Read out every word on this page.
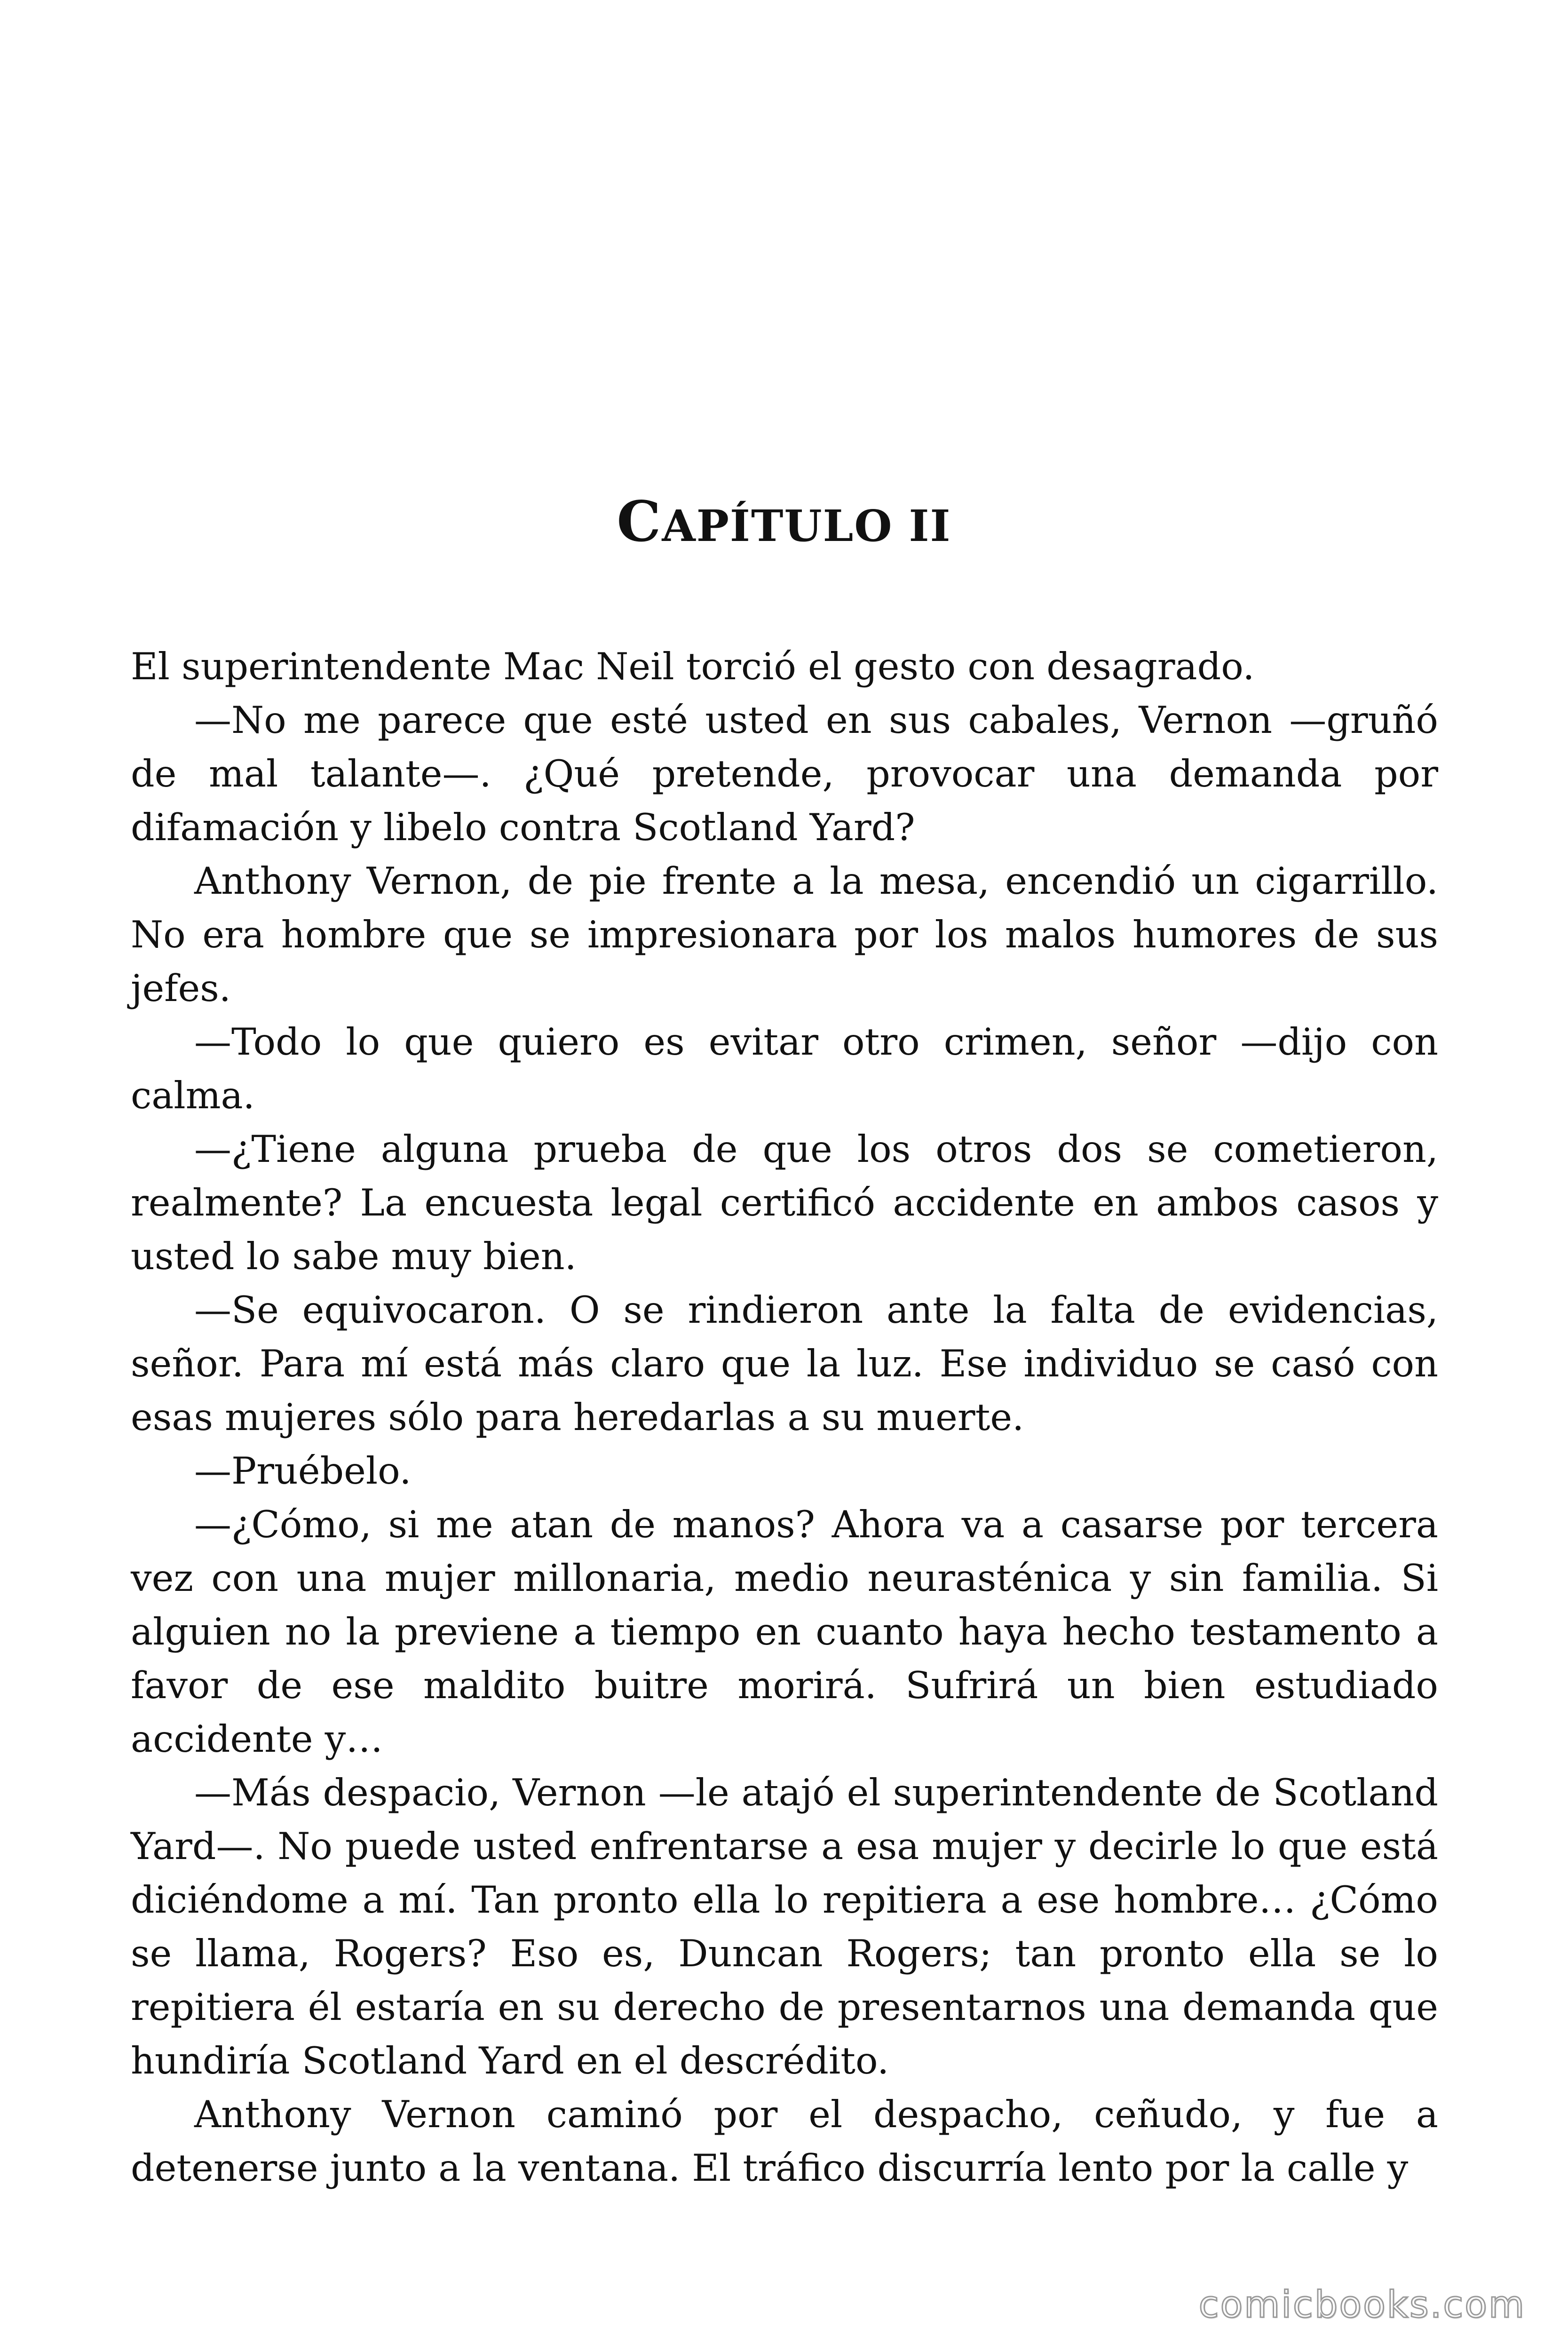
CAPÍTULO II

El superintendente Mac Neil torció el gesto con desagrado.

—No me parece que esté usted en sus cabales, Vernon —gruñó de mal talante—. ¿Qué pretende, provocar una demanda por difamación y libelo contra Scotland Yard?

Anthony Vernon, de pie frente a la mesa, encendió un cigarrillo. No era hombre que se impresionara por los malos humores de sus jefes.

—Todo lo que quiero es evitar otro crimen, señor —dijo con calma.

—¿Tiene alguna prueba de que los otros dos se cometieron, realmente? La encuesta legal certificó accidente en ambos casos y usted lo sabe muy bien.

—Se equivocaron. O se rindieron ante la falta de evidencias, señor. Para mí está más claro que la luz. Ese individuo se casó con esas mujeres sólo para heredarlas a su muerte.

—Pruébelo.

—¿Cómo, si me atan de manos? Ahora va a casarse por tercera vez con una mujer millonaria, medio neurasténica y sin familia. Si alguien no la previene a tiempo en cuanto haya hecho testamento a favor de ese maldito buitre morirá. Sufrirá un bien estudiado accidente y…

—Más despacio, Vernon —le atajó el superintendente de Scotland Yard—. No puede usted enfrentarse a esa mujer y decirle lo que está diciéndome a mí. Tan pronto ella lo repitiera a ese hombre… ¿Cómo se llama, Rogers? Eso es, Duncan Rogers; tan pronto ella se lo repitiera él estaría en su derecho de presentarnos una demanda que hundiría Scotland Yard en el descrédito.

Anthony Vernon caminó por el despacho, ceñudo, y fue a detenerse junto a la ventana. El tráfico discurría lento por la calle y

comicbooks.com
